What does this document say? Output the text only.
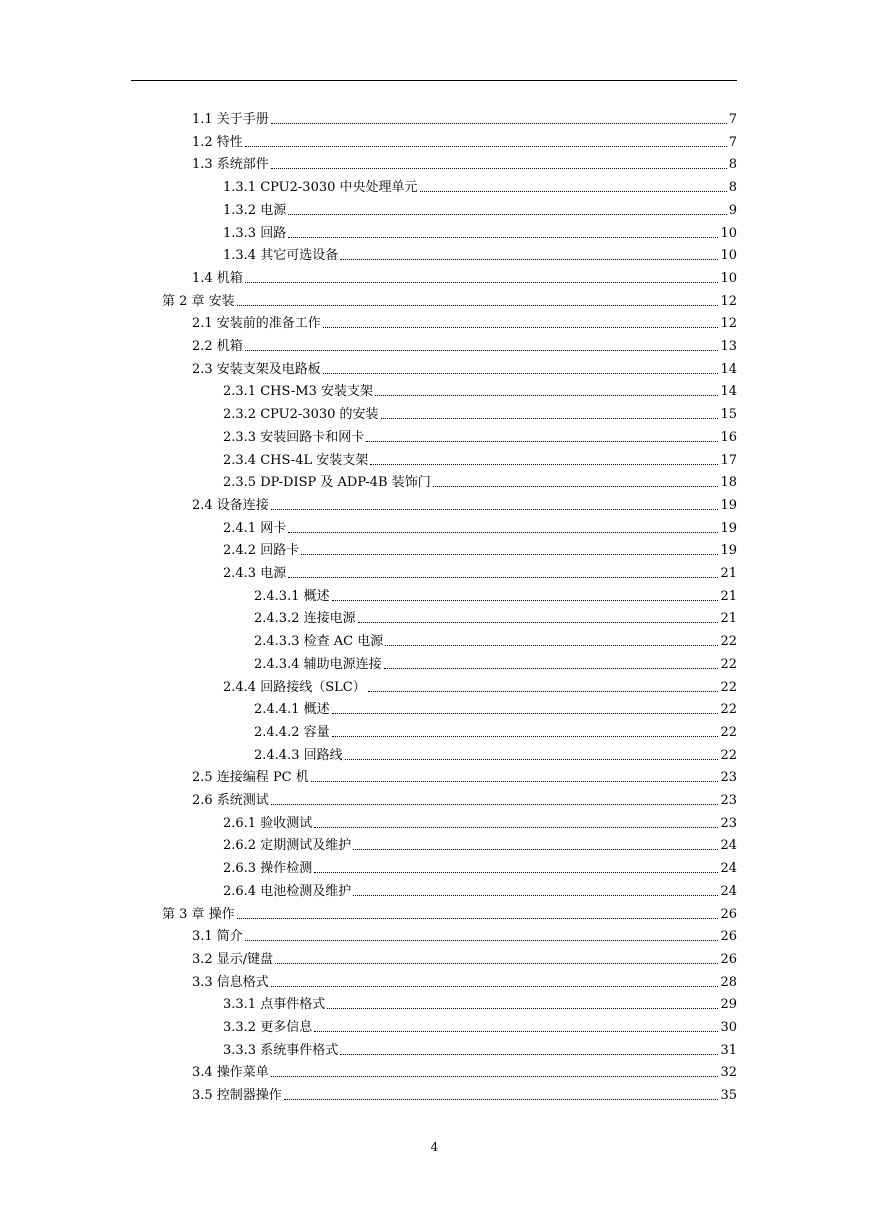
1.1 关于手册	7
1.2 特性	7
1.3 系统部件	8
1.3.1 CPU2-3030 中央处理单元	8
1.3.2 电源	9
1.3.3 回路	10
1.3.4 其它可选设备	10
1.4 机箱	10
第 2 章 安装	12
2.1 安装前的准备工作	12
2.2 机箱	13
2.3 安装支架及电路板	14
2.3.1 CHS-M3 安装支架	14
2.3.2 CPU2-3030 的安装	15
2.3.3 安装回路卡和网卡	16
2.3.4 CHS-4L 安装支架	17
2.3.5 DP-DISP 及 ADP-4B 装饰门	18
2.4 设备连接	19
2.4.1 网卡	19
2.4.2 回路卡	19
2.4.3 电源	21
2.4.3.1 概述	21
2.4.3.2 连接电源	21
2.4.3.3 检查 AC 电源	22
2.4.3.4 辅助电源连接	22
2.4.4 回路接线（SLC）	22
2.4.4.1 概述	22
2.4.4.2 容量	22
2.4.4.3 回路线	22
2.5 连接编程 PC 机	23
2.6 系统测试	23
2.6.1 验收测试	23
2.6.2 定期测试及维护	24
2.6.3 操作检测	24
2.6.4 电池检测及维护	24
第 3 章 操作	26
3.1 简介	26
3.2 显示/键盘	26
3.3 信息格式	28
3.3.1 点事件格式	29
3.3.2 更多信息	30
3.3.3 系统事件格式	31
3.4 操作菜单	32
3.5 控制器操作	35
4
